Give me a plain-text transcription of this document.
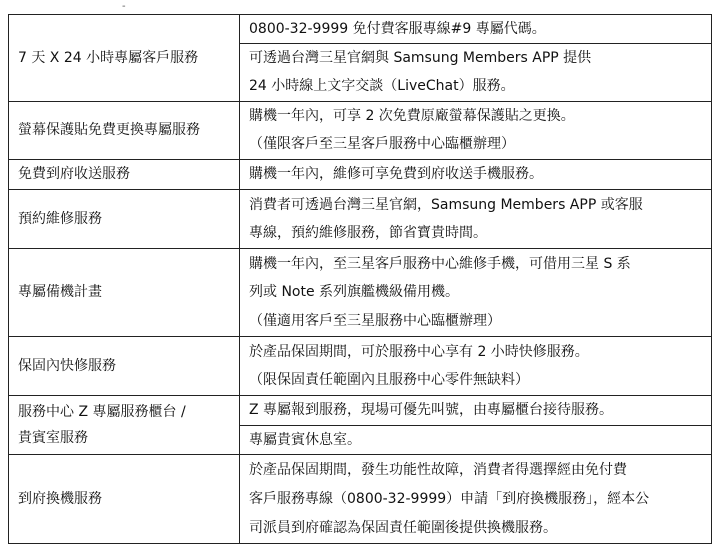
-
7 天 X 24 小時專屬客戶服務
0800-32-9999 免付費客服專線#9 專屬代碼。
可透過台灣三星官網與 Samsung Members APP 提供
24 小時線上文字交談（LiveChat）服務。
螢幕保護貼免費更換專屬服務
購機一年內，可享 2 次免費原廠螢幕保護貼之更換。
（僅限客戶至三星客戶服務中心臨櫃辦理）
免費到府收送服務	購機一年內，維修可享免費到府收送手機服務。
預約維修服務
消費者可透過台灣三星官網，Samsung Members APP 或客服
專線，預約維修服務，節省寶貴時間。
專屬備機計畫
購機一年內，至三星客戶服務中心維修手機，可借用三星 S 系
列或 Note 系列旗艦機級備用機。
（僅適用客戶至三星服務中心臨櫃辦理）
保固內快修服務
於產品保固期間，可於服務中心享有 2 小時快修服務。
（限保固責任範圍內且服務中心零件無缺料）
服務中心 Z 專屬服務櫃台 /
貴賓室服務
Z 專屬報到服務，現場可優先叫號，由專屬櫃台接待服務。
專屬貴賓休息室。
到府換機服務
於產品保固期間，發生功能性故障，消費者得選擇經由免付費
客戶服務專線（0800-32-9999）申請「到府換機服務」，經本公
司派員到府確認為保固責任範圍後提供換機服務。
